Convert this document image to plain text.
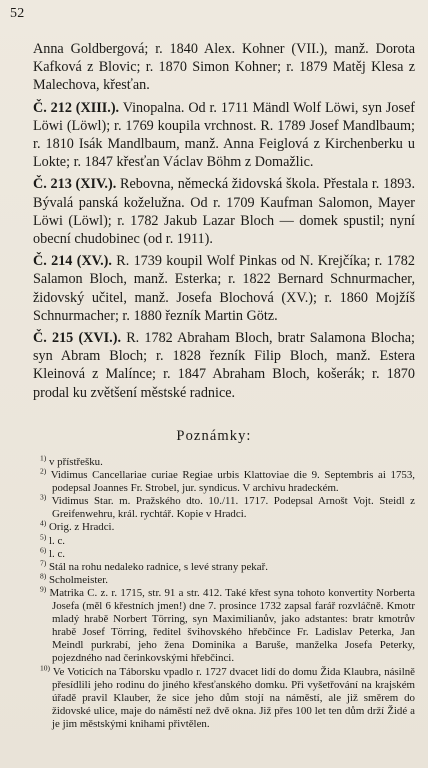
52

Anna Goldbergová; r. 1840 Alex. Kohner (VII.), manž. Dorota Kafková z Blovic; r. 1870 Simon Kohner; r. 1879 Matěj Klesa z Malechova, křesťan.

Č. 212 (XIII.). Vinopalna. Od r. 1711 Mändl Wolf Löwi, syn Josef Löwi (Löwl); r. 1769 koupila vrchnost. R. 1789 Josef Mandlbaum; r. 1810 Isák Mandlbaum, manž. Anna Feiglová z Kirchenberku u Lokte; r. 1847 křesťan Václav Böhm z Domažlic.

Č. 213 (XIV.). Rebovna, německá židovská škola. Přestala r. 1893. Bývalá panská koželužna. Od r. 1709 Kaufman Salomon, Mayer Löwi (Löwl); r. 1782 Jakub Lazar Bloch — domek spustil; nyní obecní chudobinec (od r. 1911).

Č. 214 (XV.). R. 1739 koupil Wolf Pinkas od N. Krejčíka; r. 1782 Salamon Bloch, manž. Esterka; r. 1822 Bernard Schnurmacher, židovský učitel, manž. Josefa Blochová (XV.); r. 1860 Mojžíš Schnurmacher; r. 1880 řezník Martin Götz.

Č. 215 (XVI.). R. 1782 Abraham Bloch, bratr Salamona Blocha; syn Abram Bloch; r. 1828 řezník Filip Bloch, manž. Estera Kleinová z Malínce; r. 1847 Abraham Bloch, košerák; r. 1870 prodal ku zvětšení městské radnice.

Poznámky:

$^{1)}$ v přístřešku.

$^{2)}$ Vidimus Cancellariae curiae Regiae urbis Klattoviae die 9. Septembris ai 1753, podepsal Joannes Fr. Strobel, jur. syndicus. V archivu hradeckém.

$^{3)}$ Vidimus Star. m. Pražského dto. 10./11. 1717. Podepsal Arnošt Vojt. Steidl z Greifenwehru, král. rychtář. Kopie v Hradci.

$^{4)}$ Orig. z Hradci.

$^{5)}$ l. c.

$^{6)}$ l. c.

$^{7)}$ Stál na rohu nedaleko radnice, s levé strany pekař.

$^{8)}$ Scholmeister.

$^{9)}$ Matrika C. z. r. 1715, str. 91 a str. 412. Také křest syna tohoto konvertity Norberta Josefa (měl 6 křestních jmen!) dne 7. prosince 1732 zapsal farář rozvláčně. Kmotr mladý hrabě Norbert Törring, syn Maximilianův, jako adstantes: bratr kmotrův hrabě Josef Törring, ředitel švihovského hřebčince Fr. Ladislav Peterka, Jan Meindl purkrabí, jeho žena Dominika a Baruše, manželka Josefa Peterky, pojezdného nad čerinkovskými hřebčinci.

$^{10)}$ Ve Voticích na Táborsku vpadlo r. 1727 dvacet lidí do domu Žida Klaubra, násilně přesídlili jeho rodinu do jiného křesťanského domku. Při vyšetřování na krajském úřadě pravil Klauber, že sice jeho dům stojí na náměstí, ale již směrem do židovské ulice, maje do náměstí než dvě okna. Již přes 100 let ten dům drží Židé a je jim městskými knihami přivtělen.
